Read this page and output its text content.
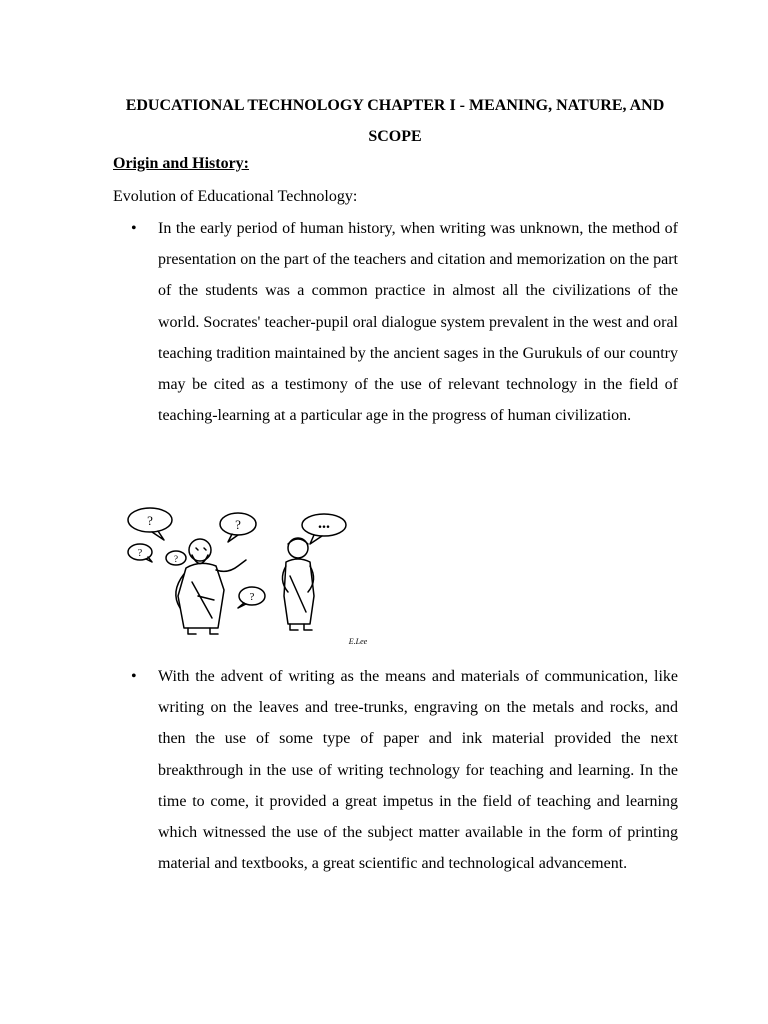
EDUCATIONAL TECHNOLOGY CHAPTER I - MEANING, NATURE, AND SCOPE
Origin and History:
Evolution of Educational Technology:
• In the early period of human history, when writing was unknown, the method of presentation on the part of the teachers and citation and memorization on the part of the students was a common practice in almost all the civilizations of the world. Socrates' teacher-pupil oral dialogue system prevalent in the west and oral teaching tradition maintained by the ancient sages in the Gurukuls of our country may be cited as a testimony of the use of relevant technology in the field of teaching-learning at a particular age in the progress of human civilization.
?	?
?
?
?
...
E.Lee
• With the advent of writing as the means and materials of communication, like writing on the leaves and tree-trunks, engraving on the metals and rocks, and then the use of some type of paper and ink material provided the next breakthrough in the use of writing technology for teaching and learning. In the time to come, it provided a great impetus in the field of teaching and learning which witnessed the use of the subject matter available in the form of printing material and textbooks, a great scientific and technological advancement.
